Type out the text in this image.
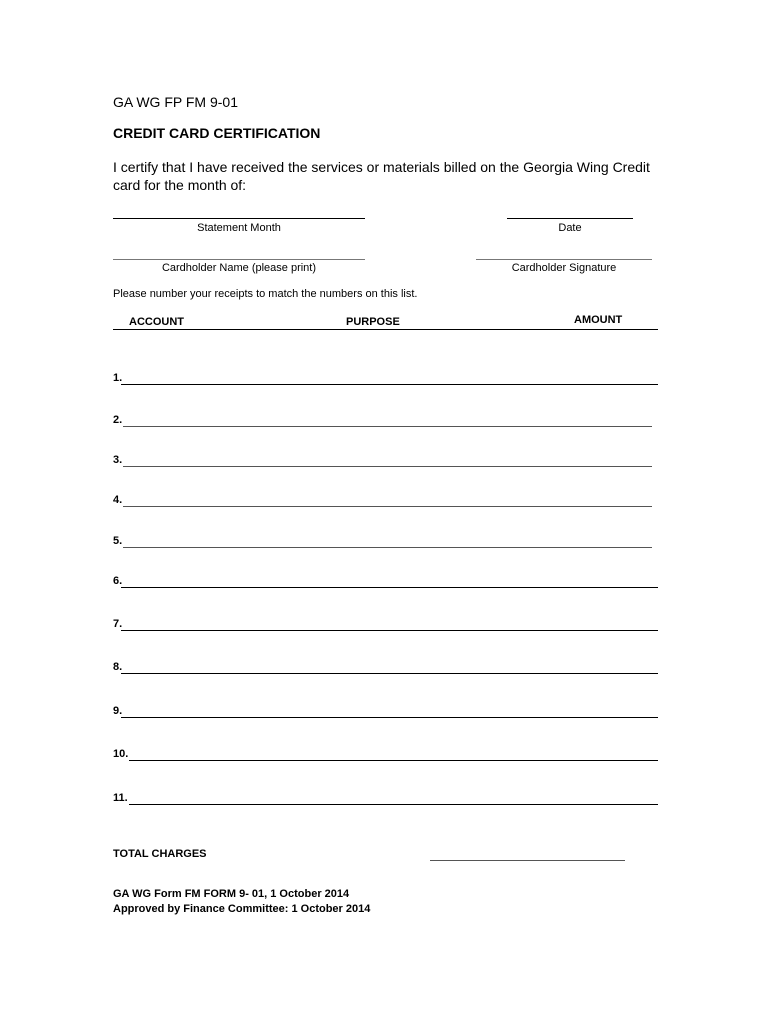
GA WG FP FM 9-01
CREDIT CARD CERTIFICATION
I certify that I have received the services or materials billed on the Georgia Wing Credit card for the month of:
Statement Month	Date
Cardholder Name (please print)	Cardholder Signature
Please number your receipts to match the numbers on this list.
ACCOUNT	PURPOSE	AMOUNT
1.
2.
3.
4.
5.
6.
7.
8.
9.
10.
11.
TOTAL CHARGES
GA WG Form FM FORM 9- 01, 1 October 2014
Approved by Finance Committee: 1 October 2014
